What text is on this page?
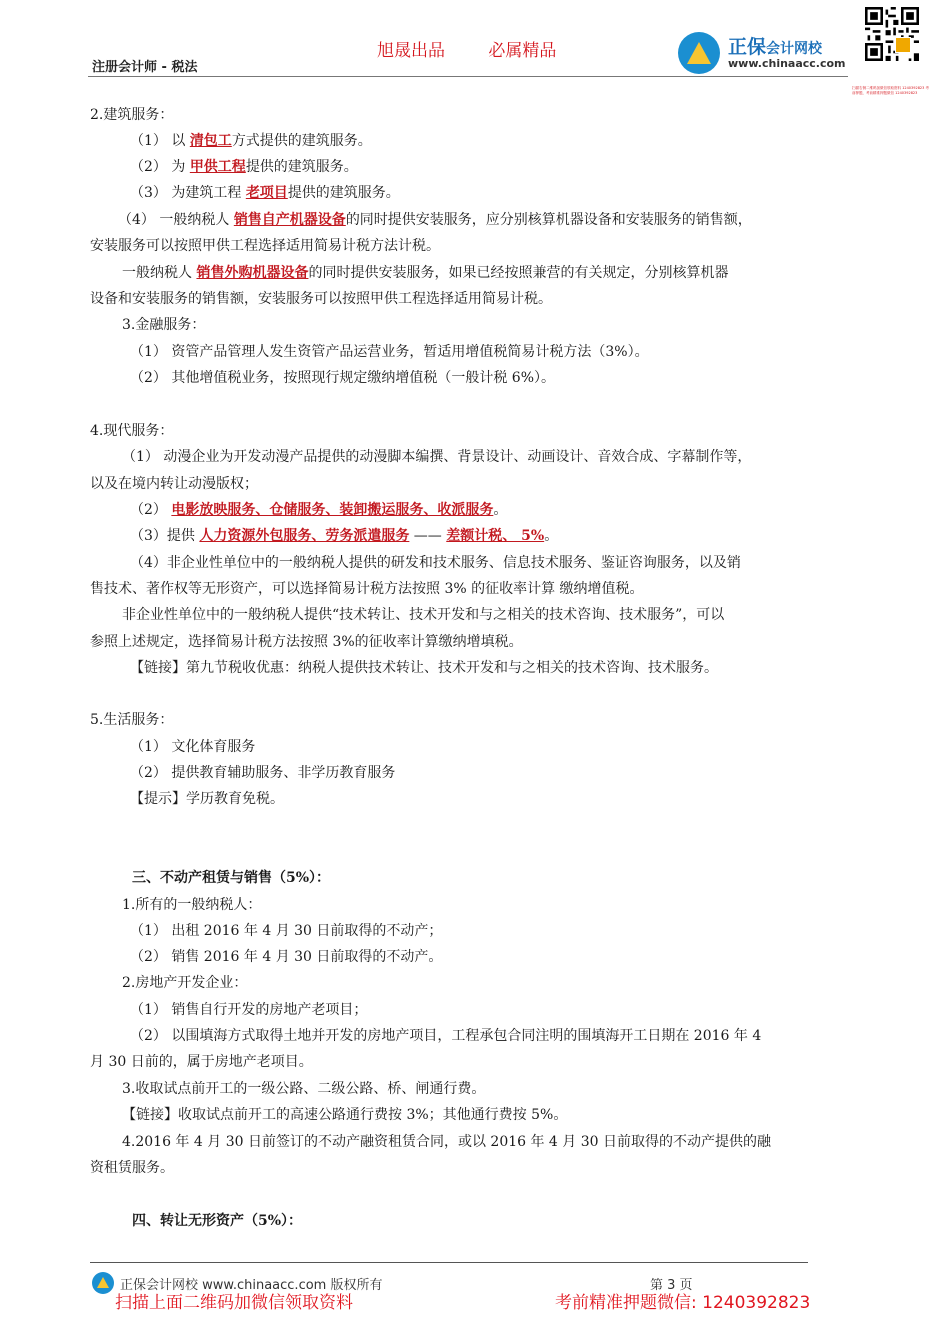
注册会计师 - 税法
旭晟出品	必属精品	正保会计网校
www.chinaacc.com
扫描右侧二维码加微信领取资料 1240392823 考前押题，考前精准押题微信 1240392823
2.建筑服务：
（1） 以 清包工方式提供的建筑服务。
（2） 为 甲供工程提供的建筑服务。
（3） 为建筑工程 老项目提供的建筑服务。
（4） 一般纳税人 销售自产机器设备的同时提供安装服务，应分别核算机器设备和安装服务的销售额，
安装服务可以按照甲供工程选择适用简易计税方法计税。
一般纳税人 销售外购机器设备的同时提供安装服务，如果已经按照兼营的有关规定，分别核算机器
设备和安装服务的销售额，安装服务可以按照甲供工程选择适用简易计税。
3.金融服务：
（1） 资管产品管理人发生资管产品运营业务，暂适用增值税简易计税方法（3%）。
（2） 其他增值税业务，按照现行规定缴纳增值税（一般计税 6%）。
4.现代服务：
（1） 动漫企业为开发动漫产品提供的动漫脚本编撰、背景设计、动画设计、音效合成、字幕制作等，
以及在境内转让动漫版权；
（2） 电影放映服务、仓储服务、装卸搬运服务、收派服务。
（3）提供 人力资源外包服务、劳务派遣服务 —— 差额计税、 5%。
（4）非企业性单位中的一般纳税人提供的研发和技术服务、信息技术服务、鉴证咨询服务，以及销
售技术、著作权等无形资产，可以选择简易计税方法按照 3% 的征收率计算 缴纳增值税。
非企业性单位中的一般纳税人提供“技术转让、技术开发和与之相关的技术咨询、技术服务”，可以
参照上述规定，选择简易计税方法按照 3%的征收率计算缴纳增填税。
【链接】第九节税收优惠：纳税人提供技术转让、技术开发和与之相关的技术咨询、技术服务。
5.生活服务：
（1） 文化体育服务
（2） 提供教育辅助服务、非学历教育服务
【提示】学历教育免税。
三、不动产租赁与销售（5%）：
1.所有的一般纳税人：
（1） 出租 2016 年 4 月 30 日前取得的不动产；
（2） 销售 2016 年 4 月 30 日前取得的不动产。
2.房地产开发企业：
（1） 销售自行开发的房地产老项目；
（2） 以围填海方式取得土地并开发的房地产项目，工程承包合同注明的围填海开工日期在 2016 年 4
月 30 日前的，属于房地产老项目。
3.收取试点前开工的一级公路、二级公路、桥、闸通行费。
【链接】收取试点前开工的高速公路通行费按 3%；其他通行费按 5%。
4.2016 年 4 月 30 日前签订的不动产融资租赁合同，或以 2016 年 4 月 30 日前取得的不动产提供的融
资租赁服务。
四、转让无形资产（5%）：
正保会计网校 www.chinaacc.com 版权所有	第 3 页
扫描上面二维码加微信领取资料	考前精准押题微信: 1240392823
